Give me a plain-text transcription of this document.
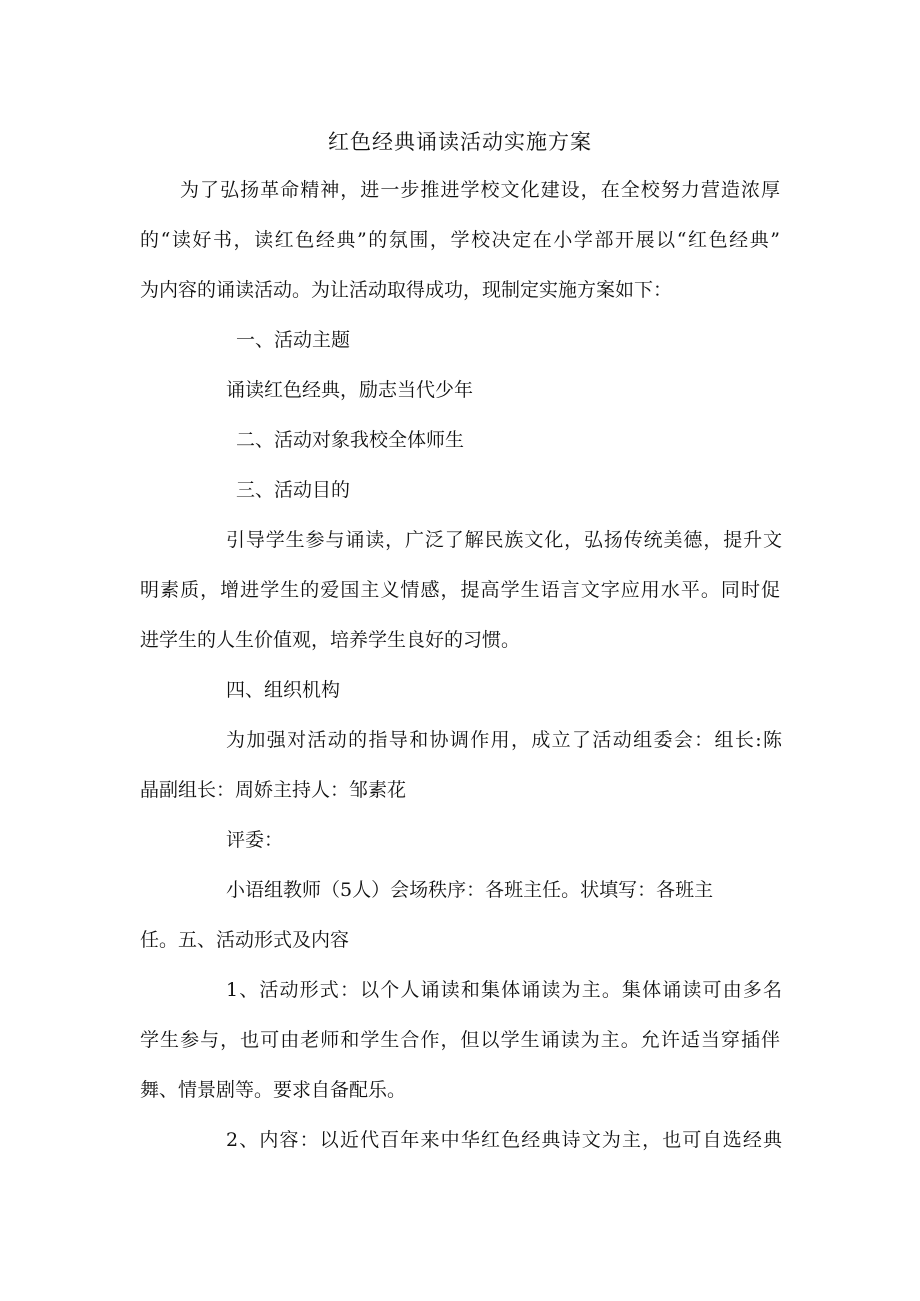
红色经典诵读活动实施方案
为了弘扬革命精神，进一步推进学校文化建设，在全校努力营造浓厚
的“读好书，读红色经典”的氛围，学校决定在小学部开展以“红色经典”
为内容的诵读活动。为让活动取得成功，现制定实施方案如下：
一、活动主题
诵读红色经典，励志当代少年
二、活动对象我校全体师生
三、活动目的
引导学生参与诵读，广泛了解民族文化，弘扬传统美德，提升文
明素质，增进学生的爱国主义情感，提高学生语言文字应用水平。同时促
进学生的人生价值观，培养学生良好的习惯。
四、组织机构
为加强对活动的指导和协调作用，成立了活动组委会：组长:陈
晶副组长：周娇主持人：邹素花
评委：
小语组教师（5人）会场秩序：各班主任。状填写：各班主
任。五、活动形式及内容
1、活动形式：以个人诵读和集体诵读为主。集体诵读可由多名
学生参与，也可由老师和学生合作，但以学生诵读为主。允许适当穿插伴
舞、情景剧等。要求自备配乐。
2、内容：以近代百年来中华红色经典诗文为主，也可自选经典
